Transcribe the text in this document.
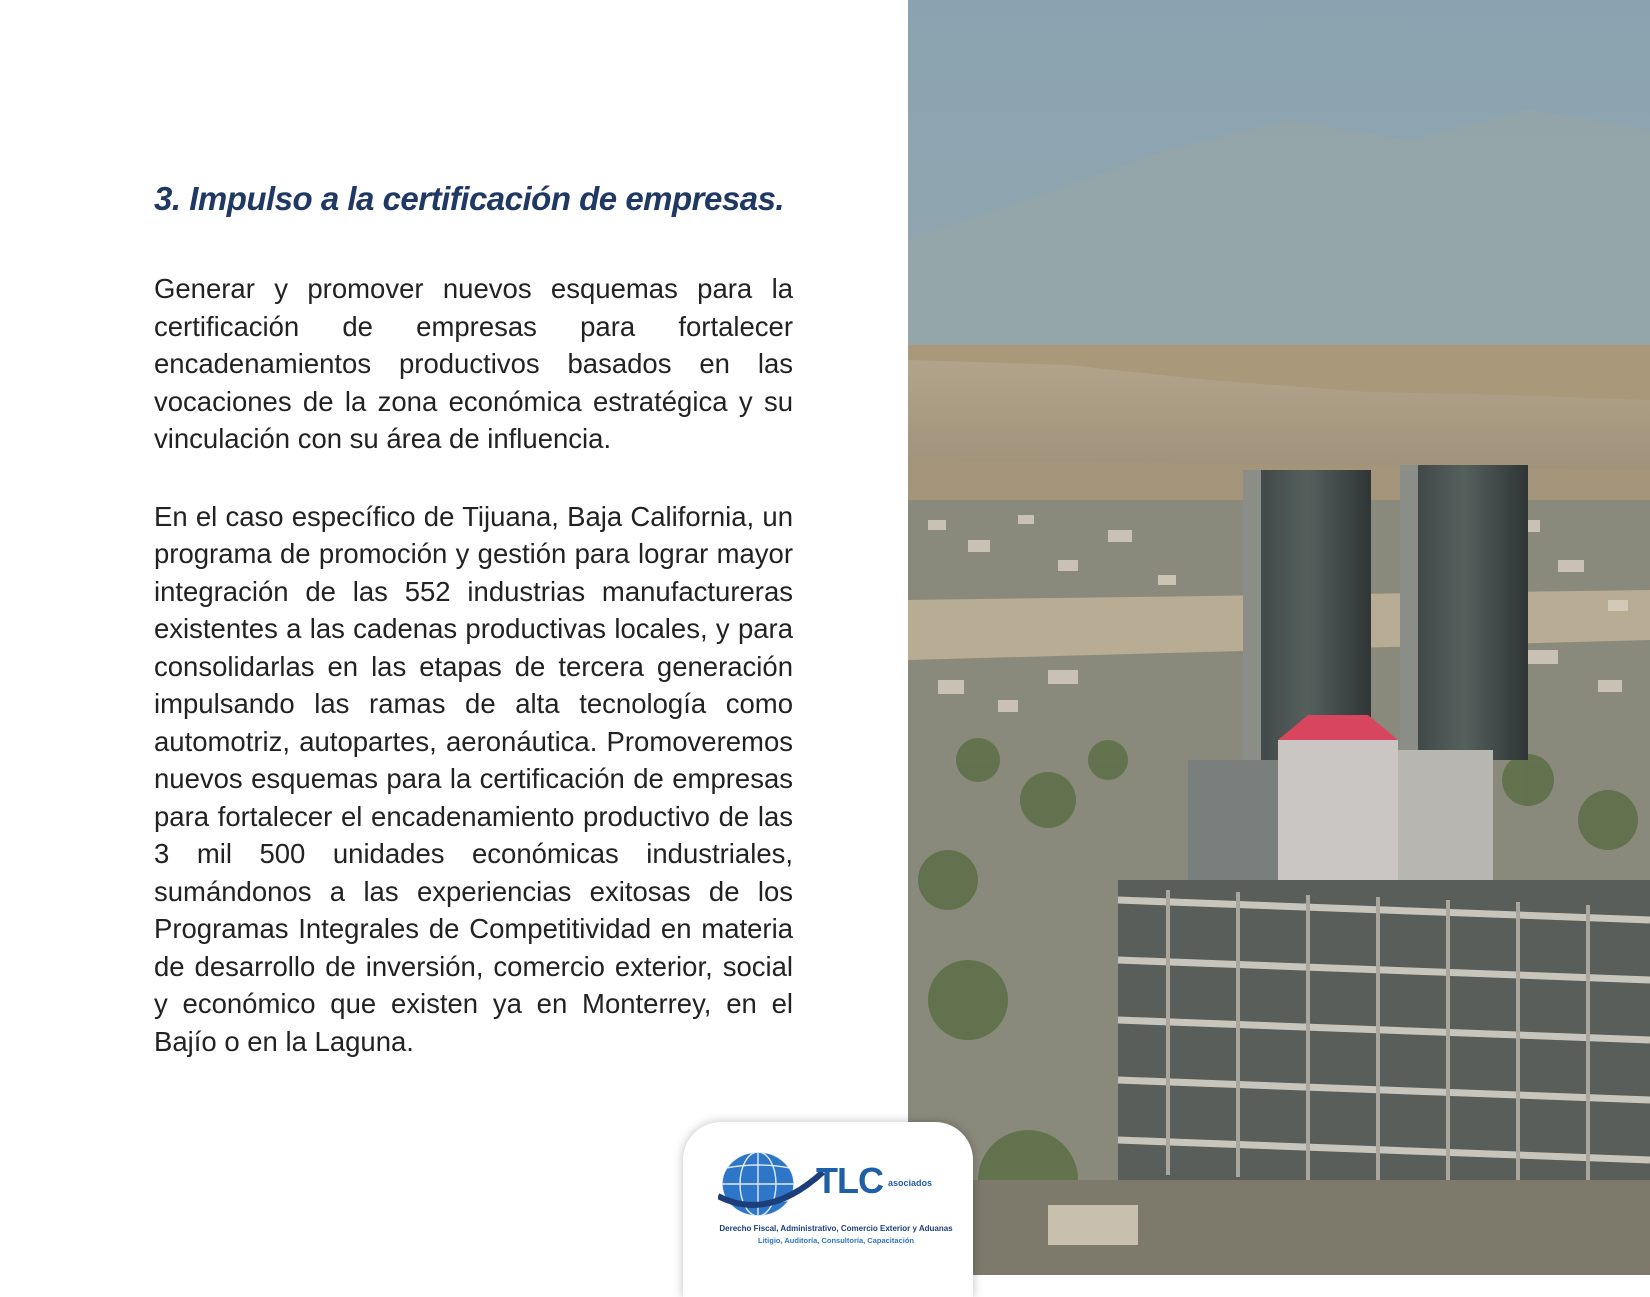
3. Impulso a la certificación de empresas.

Generar y promover nuevos esquemas para la certificación de empresas para fortalecer encadenamientos productivos basados en las vocaciones de la zona económica estratégica y su vinculación con su área de influencia.

En el caso específico de Tijuana, Baja California, un programa de promoción y gestión para lograr mayor integración de las 552 industrias manufactureras existentes a las cadenas productivas locales, y para consolidarlas en las etapas de tercera generación impulsando las ramas de alta tecnología como automotriz, autopartes, aeronáutica. Promoveremos nuevos esquemas para la certificación de empresas para fortalecer el encadenamiento productivo de las 3 mil 500 unidades económicas industriales, sumándonos a las experiencias exitosas de los Programas Integrales de Competitividad en materia de desarrollo de inversión, comercio exterior, social y económico que existen ya en Monterrey, en el Bajío o en la Laguna.

TLC asociados
Derecho Fiscal, Administrativo, Comercio Exterior y Aduanas
Litigio, Auditoría, Consultoría, Capacitación
